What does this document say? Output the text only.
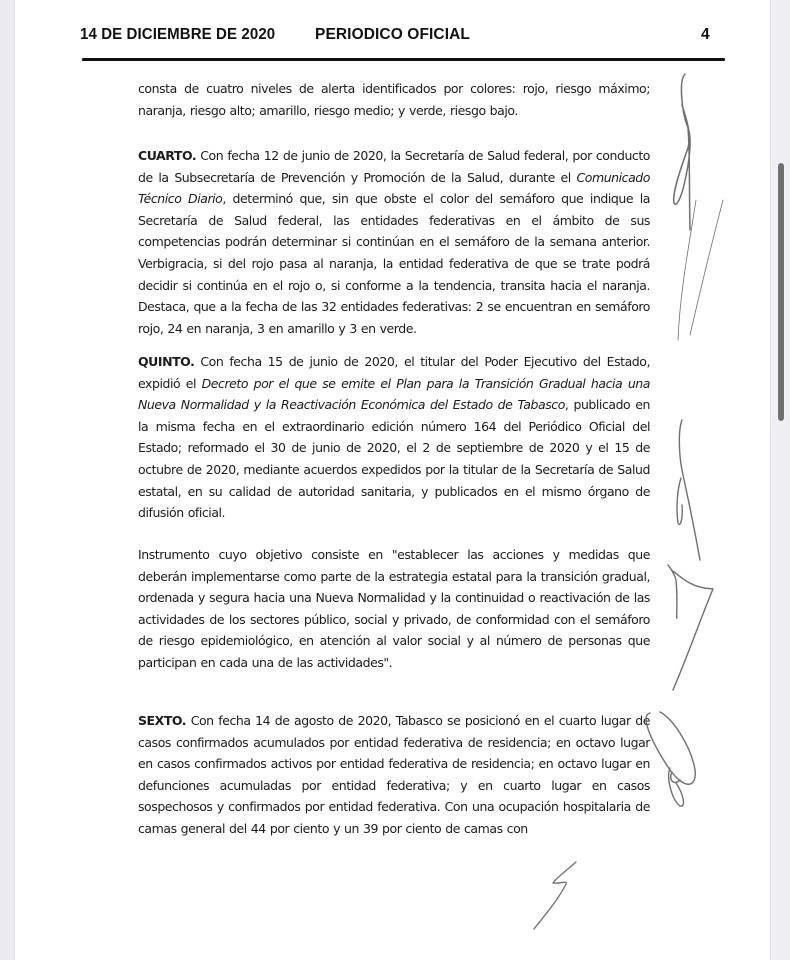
14 DE DICIEMBRE DE 2020	PERIODICO OFICIAL	4
consta de cuatro niveles de alerta identificados por colores: rojo, riesgo máximo; naranja, riesgo alto; amarillo, riesgo medio; y verde, riesgo bajo.
CUARTO. Con fecha 12 de junio de 2020, la Secretaría de Salud federal, por conducto de la Subsecretaría de Prevención y Promoción de la Salud, durante el Comunicado Técnico Diario, determinó que, sin que obste el color del semáforo que indique la Secretaría de Salud federal, las entidades federativas en el ámbito de sus competencias podrán determinar si continúan en el semáforo de la semana anterior. Verbigracia, si del rojo pasa al naranja, la entidad federativa de que se trate podrá decidir si continúa en el rojo o, si conforme a la tendencia, transita hacia el naranja. Destaca, que a la fecha de las 32 entidades federativas: 2 se encuentran en semáforo rojo, 24 en naranja, 3 en amarillo y 3 en verde.
QUINTO. Con fecha 15 de junio de 2020, el titular del Poder Ejecutivo del Estado, expidió el Decreto por el que se emite el Plan para la Transición Gradual hacia una Nueva Normalidad y la Reactivación Económica del Estado de Tabasco, publicado en la misma fecha en el extraordinario edición número 164 del Periódico Oficial del Estado; reformado el 30 de junio de 2020, el 2 de septiembre de 2020 y el 15 de octubre de 2020, mediante acuerdos expedidos por la titular de la Secretaría de Salud estatal, en su calidad de autoridad sanitaria, y publicados en el mismo órgano de difusión oficial.
Instrumento cuyo objetivo consiste en "establecer las acciones y medidas que deberán implementarse como parte de la estrategia estatal para la transición gradual, ordenada y segura hacia una Nueva Normalidad y la continuidad o reactivación de las actividades de los sectores público, social y privado, de conformidad con el semáforo de riesgo epidemiológico, en atención al valor social y al número de personas que participan en cada una de las actividades".
SEXTO. Con fecha 14 de agosto de 2020, Tabasco se posicionó en el cuarto lugar de casos confirmados acumulados por entidad federativa de residencia; en octavo lugar en casos confirmados activos por entidad federativa de residencia; en octavo lugar en defunciones acumuladas por entidad federativa; y en cuarto lugar en casos sospechosos y confirmados por entidad federativa. Con una ocupación hospitalaria de camas general del 44 por ciento y un 39 por ciento de camas con
